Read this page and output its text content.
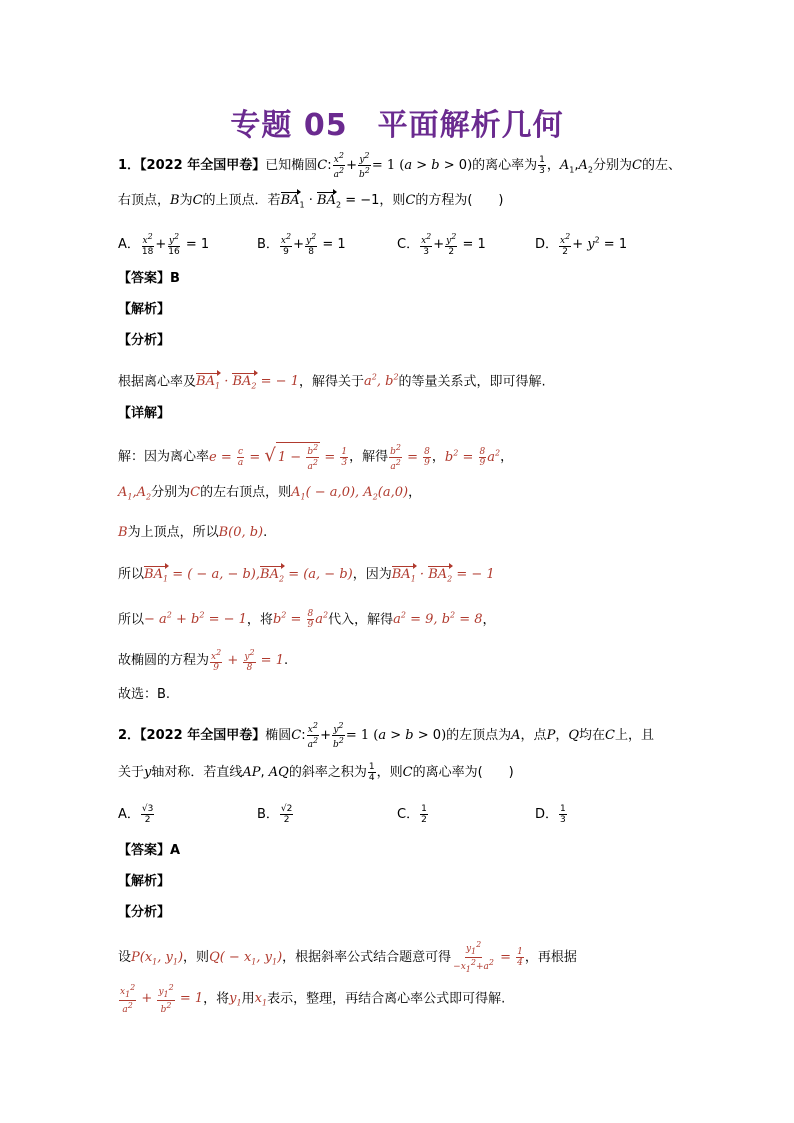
专题 05 平面解析几何
1．【2022 年全国甲卷】已知椭圆C: $\frac{x^2}{a^2} + \frac{y^2}{b^2} = 1$ (a > b > 0)的离心率为 $\frac{1}{3}$ ，$A_1,A_2$分别为C的左、
右顶点，B为C的上顶点．若$BA_1 \cdot BA_2 = -1$，则C的方程为(　　)
A． $\frac{x^2}{18} + \frac{y^2}{16} = 1$	B． $\frac{x^2}{9} + \frac{y^2}{8} = 1$	C． $\frac{x^2}{3} + \frac{y^2}{2} = 1$	D． $\frac{x^2}{2} + y^2 = 1$
【答案】B
【解析】
【分析】
根据离心率及$BA_1 \cdot BA_2$ = − 1，解得关于$a^2$, $b^2$的等量关系式，即可得解.
【详解】
解：因为离心率$e = \frac{c}{a}$ = √ $1 - \frac{b^2}{a^2} = \frac{1}{3}$ ，解得 $\frac{b^2}{a^2} = \frac{8}{9}$ ，$b^2 = \frac{8}{9} a^2$，
$A_1,A_2$分别为C的左右顶点，则$A_1( - a,0)$, $A_2(a,0)$，
B为上顶点，所以B(0, b).
所以$BA_1$ = ( − a, − $b),BA_2 = (a$, − b)，因为$BA_1 \cdot BA_2$ = − 1
所以− $a^2 + b^2$ = − 1，将$b^2 = \frac{8}{9} a^2$代入，解得$a^2 = 9$, $b^2 = 8$，
故椭圆的方程为 $\frac{x^2}{9} + \frac{y^2}{8} = 1$.
故选：B.
2．【2022 年全国甲卷】椭圆C: $\frac{x^2}{a^2} + \frac{y^2}{b^2} = 1$ (a > b > 0)的左顶点为A，点P，Q均在C上，且
关于y轴对称．若直线AP, AQ的斜率之积为 $\frac{1}{4}$ ，则C的离心率为(　　)
A． $\frac{√3}{2}$	B． $\frac{√2}{2}$	C． $\frac{1}{2}$	D． $\frac{1}{3}$
【答案】A
【解析】
【分析】
设$P(x_1$, $y_1$)，则$Q( - x_1$, $y_1$)，根据斜率公式结合题意可得 $\frac{y_1^2}{-x_1^2+a^2} = \frac{1}{4}$ ，再根据
$\frac{x_1^2}{a^2} + \frac{y_1^2}{b^2} = 1$，将$y_1$用$x_1$表示，整理，再结合离心率公式即可得解.
